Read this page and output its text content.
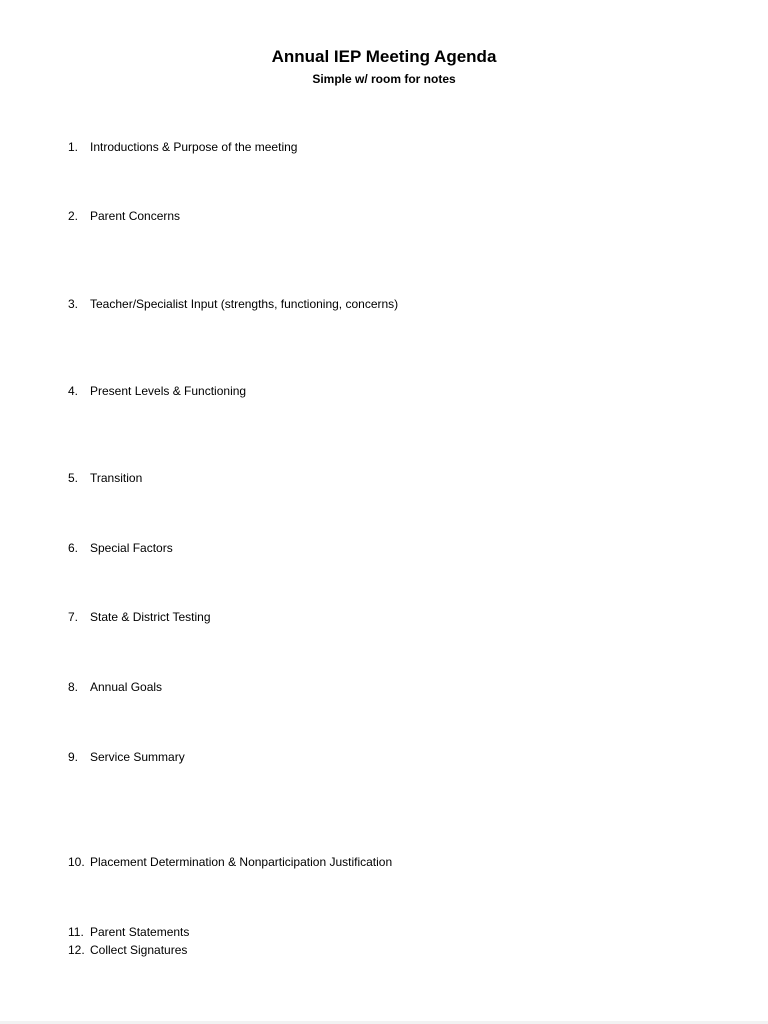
Annual IEP Meeting Agenda
Simple w/ room for notes
1. Introductions & Purpose of the meeting
2. Parent Concerns
3. Teacher/Specialist Input (strengths, functioning, concerns)
4. Present Levels & Functioning
5. Transition
6. Special Factors
7. State & District Testing
8. Annual Goals
9. Service Summary
10. Placement Determination & Nonparticipation Justification
11. Parent Statements
12. Collect Signatures
